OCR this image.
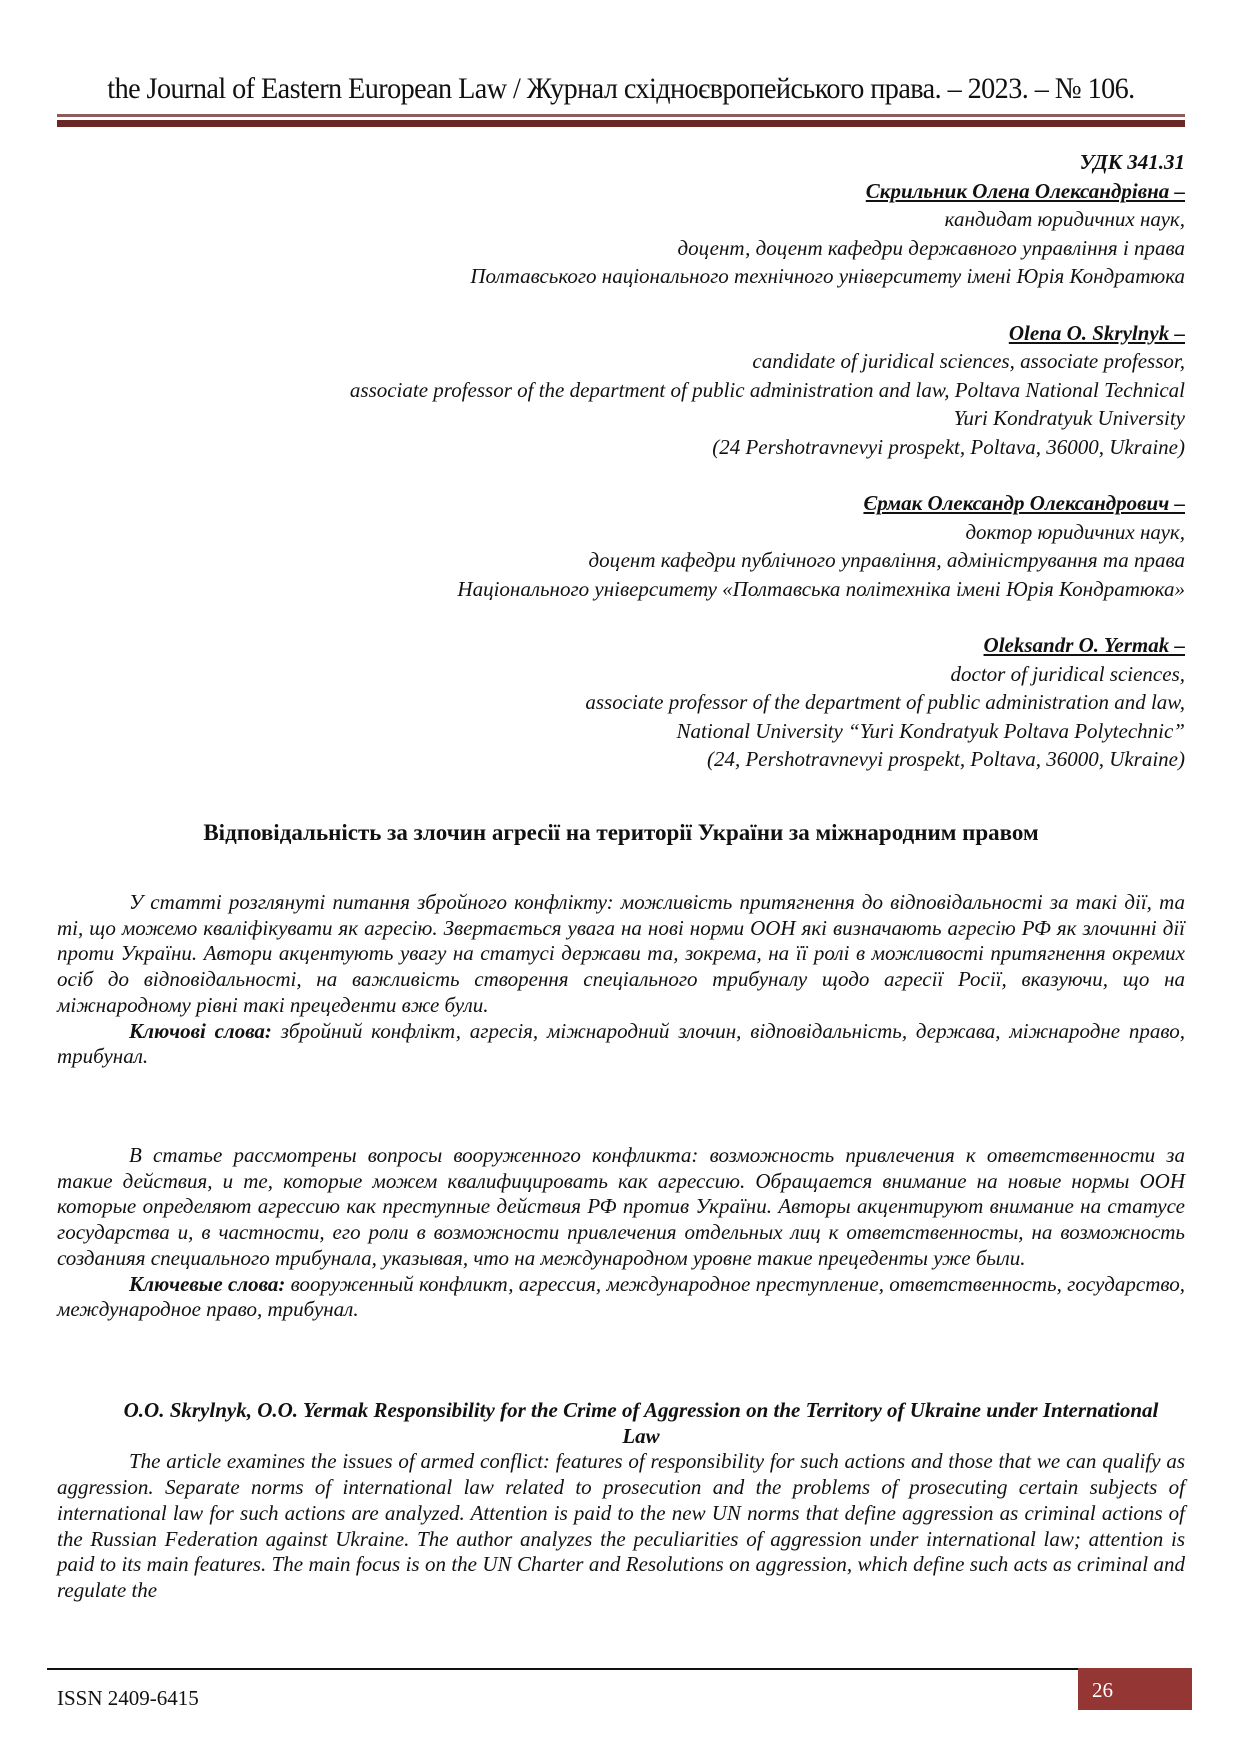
the Journal of Eastern European Law / Журнал східноєвропейського права. – 2023. – № 106.

УДК 341.31

Скрильник Олена Олександрівна –

кандидат юридичних наук,

доцент, доцент кафедри державного управління і права

Полтавського національного технічного університету імені Юрія Кондратюка

Olena O. Skrylnyk –

candidate of juridical sciences, associate professor,

associate professor of the department of public administration and law, Poltava National Technical

Yuri Kondratyuk University

(24 Pershotravnevyi prospekt, Poltava, 36000, Ukraine)

Єрмак Олександр Олександрович –

доктор юридичних наук,

доцент кафедри публічного управління, адміністрування та права

Національного університету «Полтавська політехніка імені Юрія Кондратюка»

Oleksandr O. Yermak –

doctor of juridical sciences,

associate professor of the department of public administration and law,

National University “Yuri Kondratyuk Poltava Polytechnic”

(24, Pershotravnevyi prospekt, Poltava, 36000, Ukraine)

Відповідальність за злочин агресії на території України за міжнародним правом

У статті розглянуті питання збройного конфлікту: можливість притягнення до відповідальності за такі дії, та ті, що можемо кваліфікувати як агресію. Звертається увага на нові норми ООН які визначають агресію РФ як злочинні дії проти України. Автори акцентують увагу на статусі держави та, зокрема, на її ролі в можливості притягнення окремих осіб до відповідальності, на важливість створення спеціального трибуналу щодо агресії Росії, вказуючи, що на міжнародному рівні такі прецеденти вже були.

Ключові слова: збройний конфлікт, агресія, міжнародний злочин, відповідальність, держава, міжнародне право, трибунал.

В статье рассмотрены вопросы вооруженного конфликта: возможность привлечения к ответственности за такие действия, и те, которые можем квалифицировать как агрессию. Обращается внимание на новые нормы ООН которые определяют агрессию как преступные действия РФ против України. Авторы акцентируют внимание на статусе государства и, в частности, его роли в возможности привлечения отдельных лиц к ответственносты, на возможность созданияя специального трибунала, указывая, что на международном уровне такие прецеденты уже были.

Ключевые слова: вооруженный конфликт, агрессия, международное преступление, ответственность, государство, международное право, трибунал.

O.O. Skrylnyk, O.O. Yermak Responsibility for the Crime of Aggression on the Territory of Ukraine under International Law

The article examines the issues of armed conflict: features of responsibility for such actions and those that we can qualify as aggression. Separate norms of international law related to prosecution and the problems of prosecuting certain subjects of international law for such actions are analyzed. Attention is paid to the new UN norms that define aggression as criminal actions of the Russian Federation against Ukraine. The author analyzes the peculiarities of aggression under international law; attention is paid to its main features. The main focus is on the UN Charter and Resolutions on aggression, which define such acts as criminal and regulate the

ISSN 2409-6415	26
